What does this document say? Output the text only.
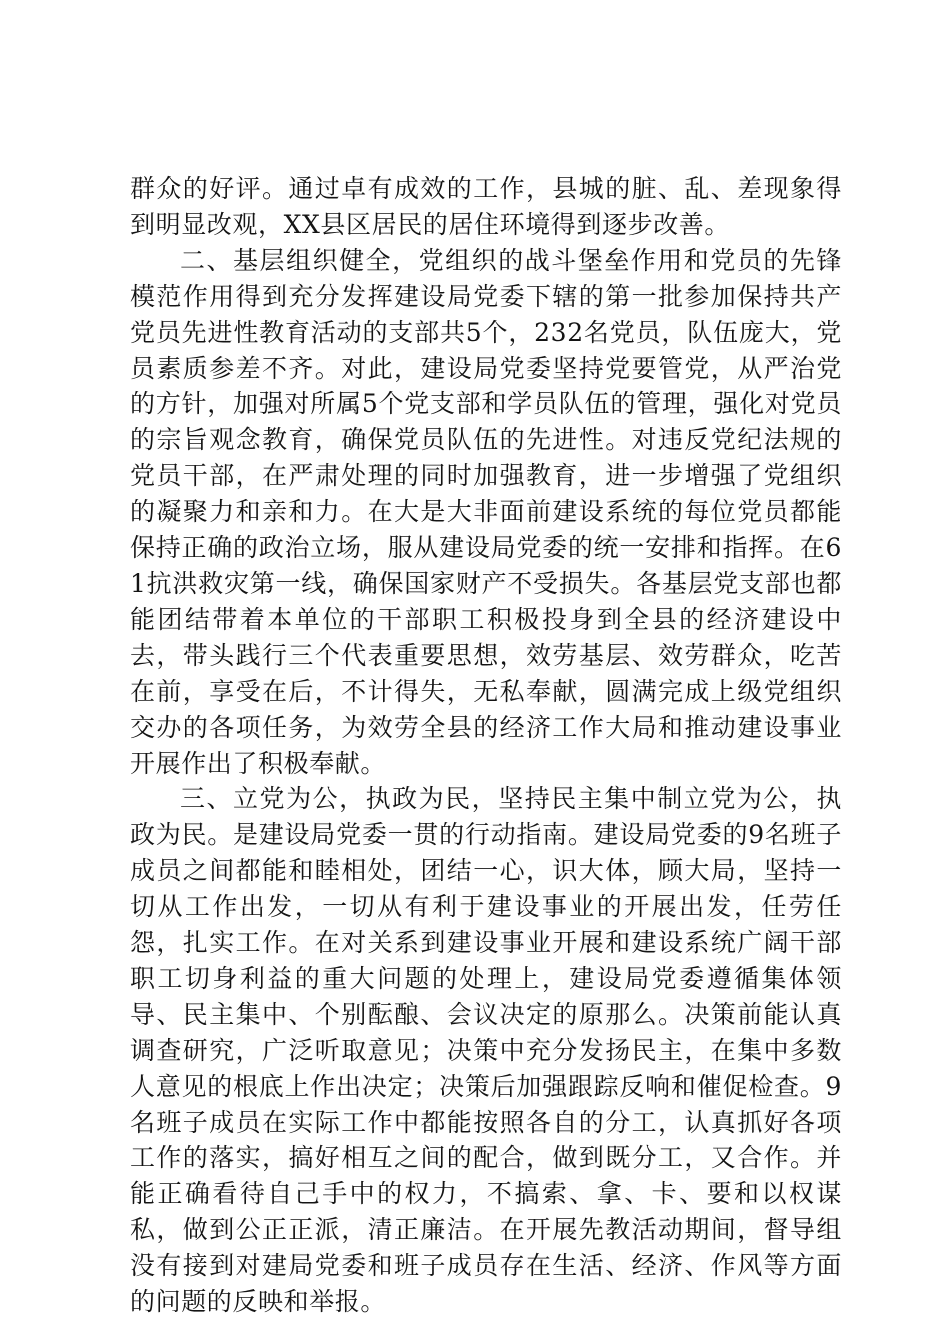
群众的好评。通过卓有成效的工作，县城的脏、乱、差现象得到明显改观，XX县区居民的居住环境得到逐步改善。

二、基层组织健全，党组织的战斗堡垒作用和党员的先锋模范作用得到充分发挥建设局党委下辖的第一批参加保持共产党员先进性教育活动的支部共5个，232名党员，队伍庞大，党员素质参差不齐。对此，建设局党委坚持党要管党，从严治党的方针，加强对所属5个党支部和学员队伍的管理，强化对党员的宗旨观念教育，确保党员队伍的先进性。对违反党纪法规的党员干部，在严肃处理的同时加强教育，进一步增强了党组织的凝聚力和亲和力。在大是大非面前建设系统的每位党员都能保持正确的政治立场，服从建设局党委的统一安排和指挥。在61抗洪救灾第一线，确保国家财产不受损失。各基层党支部也都能团结带着本单位的干部职工积极投身到全县的经济建设中去，带头践行三个代表重要思想，效劳基层、效劳群众，吃苦在前，享受在后，不计得失，无私奉献，圆满完成上级党组织交办的各项任务，为效劳全县的经济工作大局和推动建设事业开展作出了积极奉献。

三、立党为公，执政为民，坚持民主集中制立党为公，执政为民。是建设局党委一贯的行动指南。建设局党委的9名班子成员之间都能和睦相处，团结一心，识大体，顾大局，坚持一切从工作出发，一切从有利于建设事业的开展出发，任劳任怨，扎实工作。在对关系到建设事业开展和建设系统广阔干部职工切身利益的重大问题的处理上，建设局党委遵循集体领导、民主集中、个别酝酿、会议决定的原那么。决策前能认真调查研究，广泛听取意见；决策中充分发扬民主，在集中多数人意见的根底上作出决定；决策后加强跟踪反响和催促检查。9名班子成员在实际工作中都能按照各自的分工，认真抓好各项工作的落实，搞好相互之间的配合，做到既分工，又合作。并能正确看待自己手中的权力，不搞索、拿、卡、要和以权谋私，做到公正正派，清正廉洁。在开展先教活动期间，督导组没有接到对建局党委和班子成员存在生活、经济、作风等方面的问题的反映和举报。
